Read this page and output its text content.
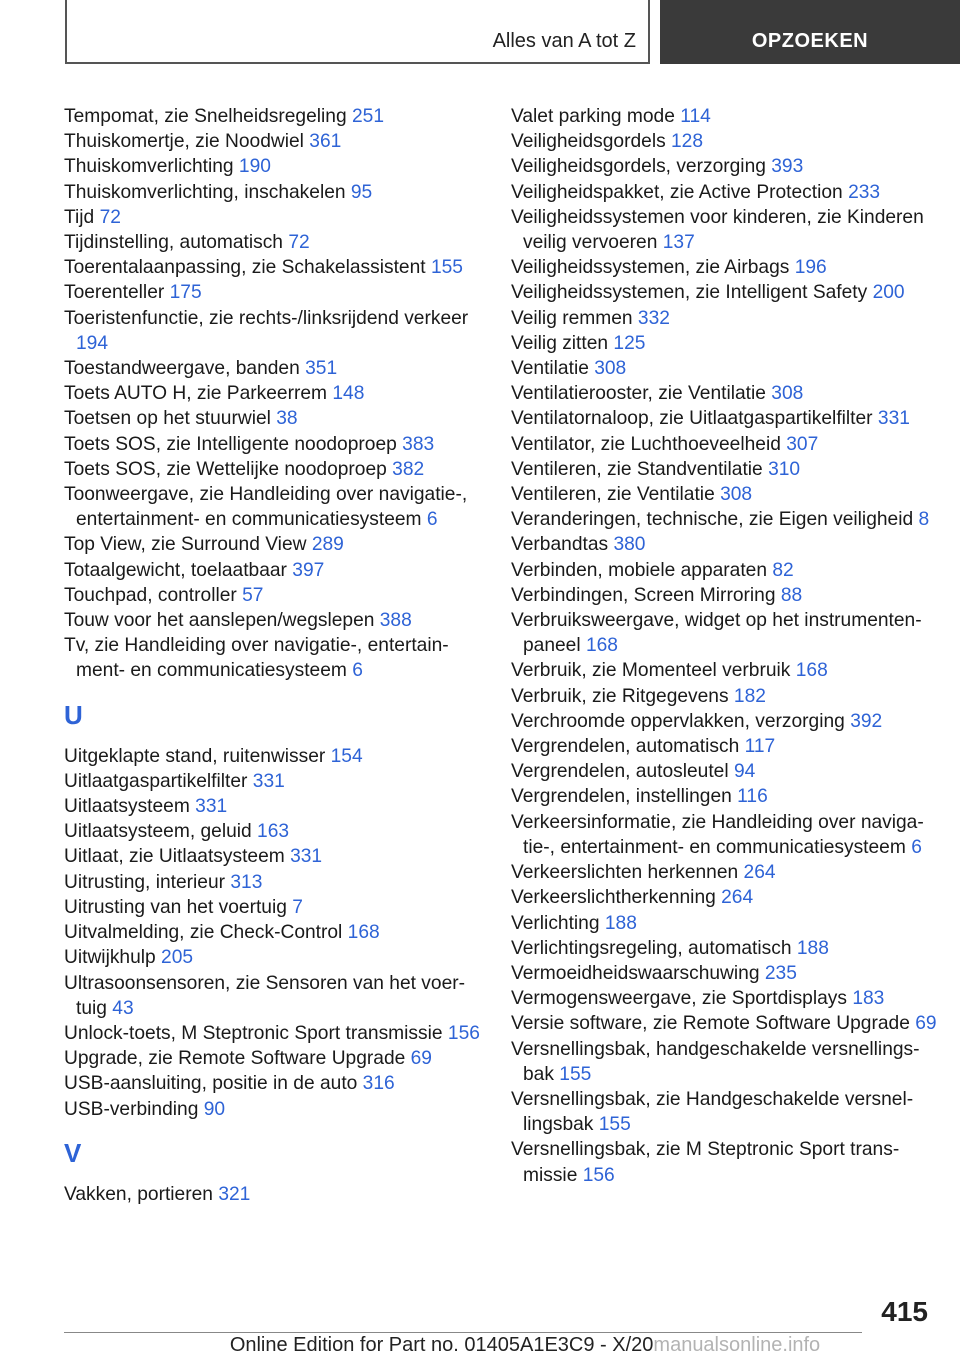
Alles van A tot Z	OPZOEKEN
Tempomat, zie Snelheidsregeling 251
Thuiskomertje, zie Noodwiel 361
Thuiskomverlichting 190
Thuiskomverlichting, inschakelen 95
Tijd 72
Tijdinstelling, automatisch 72
Toerentalaanpassing, zie Schakelassistent 155
Toerenteller 175
Toeristenfunctie, zie rechts-/linksrijdend verkeer 194
Toestandweergave, banden 351
Toets AUTO H, zie Parkeerrem 148
Toetsen op het stuurwiel 38
Toets SOS, zie Intelligente noodoproep 383
Toets SOS, zie Wettelijke noodoproep 382
Toonweergave, zie Handleiding over navigatie-, entertainment- en communicatiesysteem 6
Top View, zie Surround View 289
Totaalgewicht, toelaatbaar 397
Touchpad, controller 57
Touw voor het aanslepen/wegslepen 388
Tv, zie Handleiding over navigatie-, entertainment- en communicatiesysteem 6
U
Uitgeklapte stand, ruitenwisser 154
Uitlaatgaspartikelfilter 331
Uitlaatsysteem 331
Uitlaatsysteem, geluid 163
Uitlaat, zie Uitlaatsysteem 331
Uitrusting, interieur 313
Uitrusting van het voertuig 7
Uitvalmelding, zie Check-Control 168
Uitwijkhulp 205
Ultrasoonsensoren, zie Sensoren van het voertuig 43
Unlock-toets, M Steptronic Sport transmissie 156
Upgrade, zie Remote Software Upgrade 69
USB-aansluiting, positie in de auto 316
USB-verbinding 90
V
Vakken, portieren 321
Valet parking mode 114
Veiligheidsgordels 128
Veiligheidsgordels, verzorging 393
Veiligheidspakket, zie Active Protection 233
Veiligheidssystemen voor kinderen, zie Kinderen veilig vervoeren 137
Veiligheidssystemen, zie Airbags 196
Veiligheidssystemen, zie Intelligent Safety 200
Veilig remmen 332
Veilig zitten 125
Ventilatie 308
Ventilatierooster, zie Ventilatie 308
Ventilatornaloop, zie Uitlaatgaspartikelfilter 331
Ventilator, zie Luchthoeveelheid 307
Ventileren, zie Standventilatie 310
Ventileren, zie Ventilatie 308
Veranderingen, technische, zie Eigen veiligheid 8
Verbandtas 380
Verbinden, mobiele apparaten 82
Verbindingen, Screen Mirroring 88
Verbruiksweergave, widget op het instrumentenpaneel 168
Verbruik, zie Momenteel verbruik 168
Verbruik, zie Ritgegevens 182
Verchroomde oppervlakken, verzorging 392
Vergrendelen, automatisch 117
Vergrendelen, autosleutel 94
Vergrendelen, instellingen 116
Verkeersinformatie, zie Handleiding over navigatie-, entertainment- en communicatiesysteem 6
Verkeerslichten herkennen 264
Verkeerslichtherkenning 264
Verlichting 188
Verlichtingsregeling, automatisch 188
Vermoeidheidswaarschuwing 235
Vermogensweergave, zie Sportdisplays 183
Versie software, zie Remote Software Upgrade 69
Versnellingsbak, handgeschakelde versnellingsbak 155
Versnellingsbak, zie Handgeschakelde versnellingsbak 155
Versnellingsbak, zie M Steptronic Sport transmissie 156
415
Online Edition for Part no. 01405A1E3C9 - X/20manualsonline.info
